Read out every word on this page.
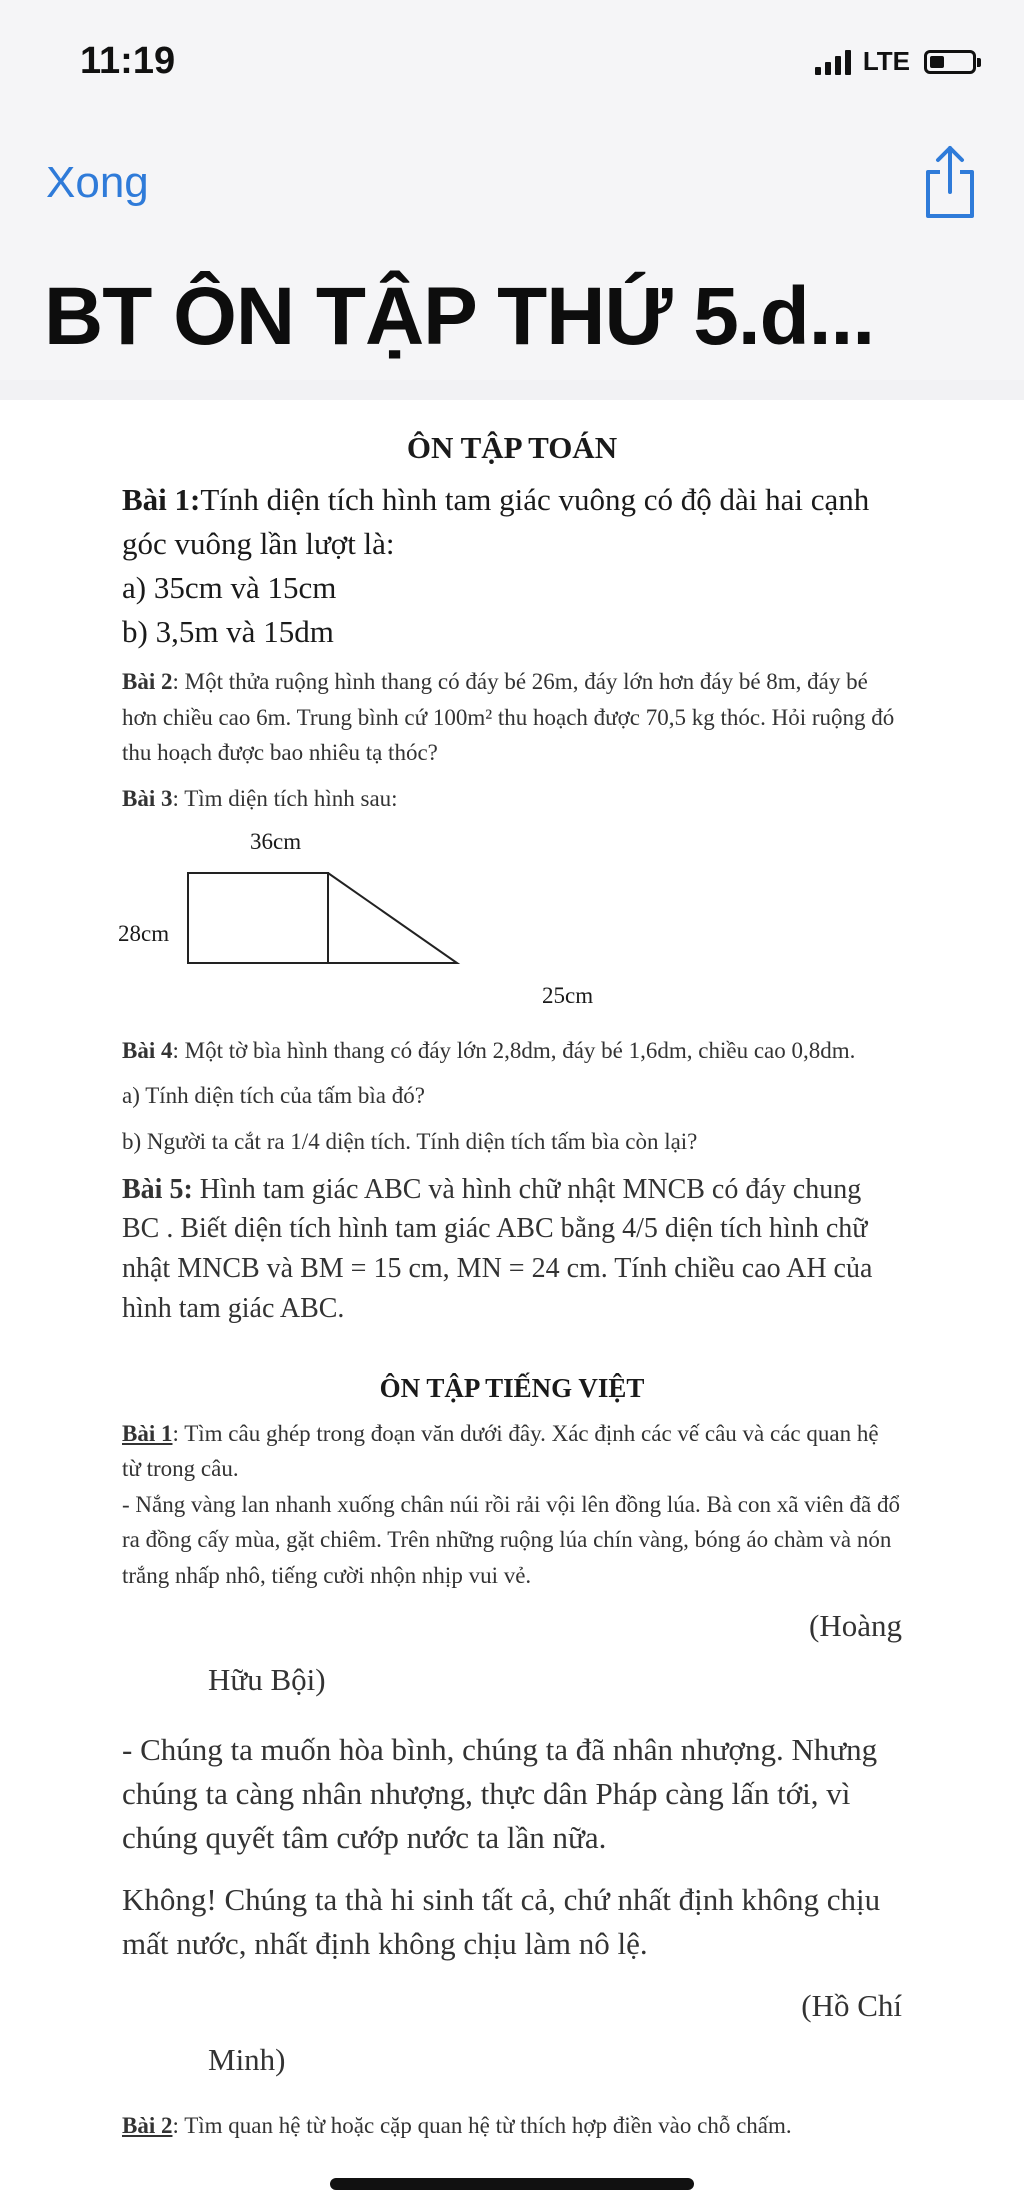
11:19	LTE
Xong
BT ÔN TẬP THỨ 5.d...
ÔN TẬP TOÁN

Bài 1:Tính diện tích hình tam giác vuông có độ dài hai cạnh góc vuông lần lượt là:

a) 35cm và 15cm

b) 3,5m và 15dm

Bài 2: Một thửa ruộng hình thang có đáy bé 26m, đáy lớn hơn đáy bé 8m, đáy bé hơn chiều cao 6m. Trung bình cứ 100m² thu hoạch được 70,5 kg thóc. Hỏi ruộng đó thu hoạch được bao nhiêu tạ thóc?

Bài 3: Tìm diện tích hình sau:

36cm
28cm
25cm

Bài 4: Một tờ bìa hình thang có đáy lớn 2,8dm, đáy bé 1,6dm, chiều cao 0,8dm.

a) Tính diện tích của tấm bìa đó?

b) Người ta cắt ra 1/4 diện tích. Tính diện tích tấm bìa còn lại?

Bài 5: Hình tam giác ABC và hình chữ nhật MNCB có đáy chung BC . Biết diện tích hình tam giác ABC bằng 4/5 diện tích hình chữ nhật MNCB và BM = 15 cm, MN = 24 cm. Tính chiều cao AH của hình tam giác ABC.

ÔN TẬP TIẾNG VIỆT

Bài 1: Tìm câu ghép trong đoạn văn dưới đây. Xác định các vế câu và các quan hệ từ trong câu.

- Nắng vàng lan nhanh xuống chân núi rồi rải vội lên đồng lúa. Bà con xã viên đã đổ ra đồng cấy mùa, gặt chiêm. Trên những ruộng lúa chín vàng, bóng áo chàm và nón trắng nhấp nhô, tiếng cười nhộn nhịp vui vẻ.

(Hoàng

Hữu Bội)

- Chúng ta muốn hòa bình, chúng ta đã nhân nhượng. Nhưng chúng ta càng nhân nhượng, thực dân Pháp càng lấn tới, vì chúng quyết tâm cướp nước ta lần nữa.

Không! Chúng ta thà hi sinh tất cả, chứ nhất định không chịu mất nước, nhất định không chịu làm nô lệ.

(Hồ Chí

Minh)

Bài 2: Tìm quan hệ từ hoặc cặp quan hệ từ thích hợp điền vào chỗ chấm.
